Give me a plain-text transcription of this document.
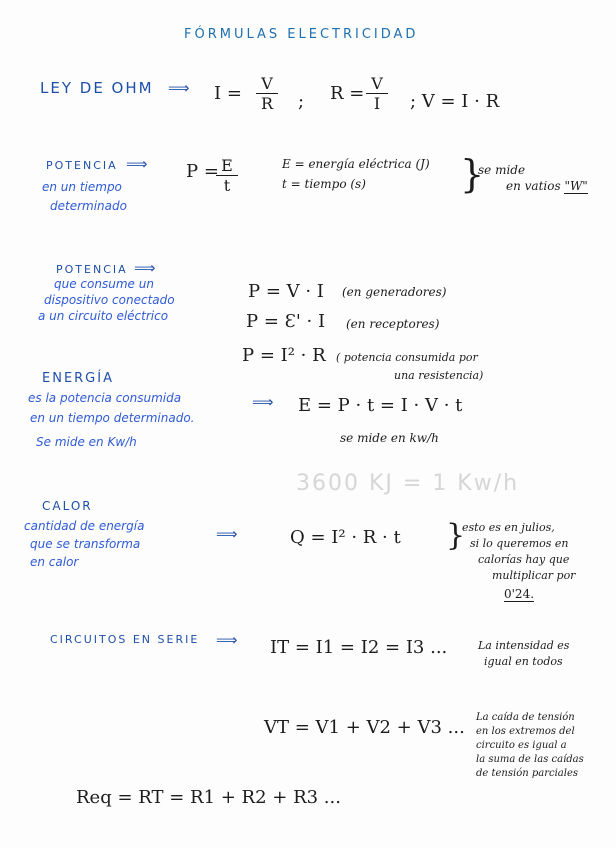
FÓRMULAS ELECTRICIDAD
LEY DE OHM ⟹ $I = \frac{V}{R}$ ; $R = \frac{V}{I}$ ; V = I · R
POTENCIA ⟹
en un tiempo
determinado
P =
$\frac{E}{t}$	E = energía eléctrica (J)
t = tiempo (s) }
se mide
en vatios "W"
POTENCIA ⟹
que consume un
dispositivo conectado
a un circuito eléctrico
P = V · I (en generadores)
P = Ɛ' · I (en receptores)
P = I² · R ( potencia consumida por
una resistencia)
ENERGÍA
es la potencia consumida
en un tiempo determinado.
Se mide en Kw/h
⟹ E = P · t = I · V · t
se mide en kw/h
3600 KJ = 1 Kw/h
CALOR
cantidad de energía
que se transforma
en calor
⟹	Q = I² · R · t }
esto es en julios,
si lo queremos en
calorías hay que
multiplicar por
0'24.
CIRCUITOS EN SERIE ⟹ IT = I1 = I2 = I3 ...	La intensidad es
igual en todos
VT = V1 + V2 + V3 ... La caída de tensión
en los extremos del
circuito es igual a
la suma de las caídas
de tensión parciales
Req = RT = R1 + R2 + R3 ...
